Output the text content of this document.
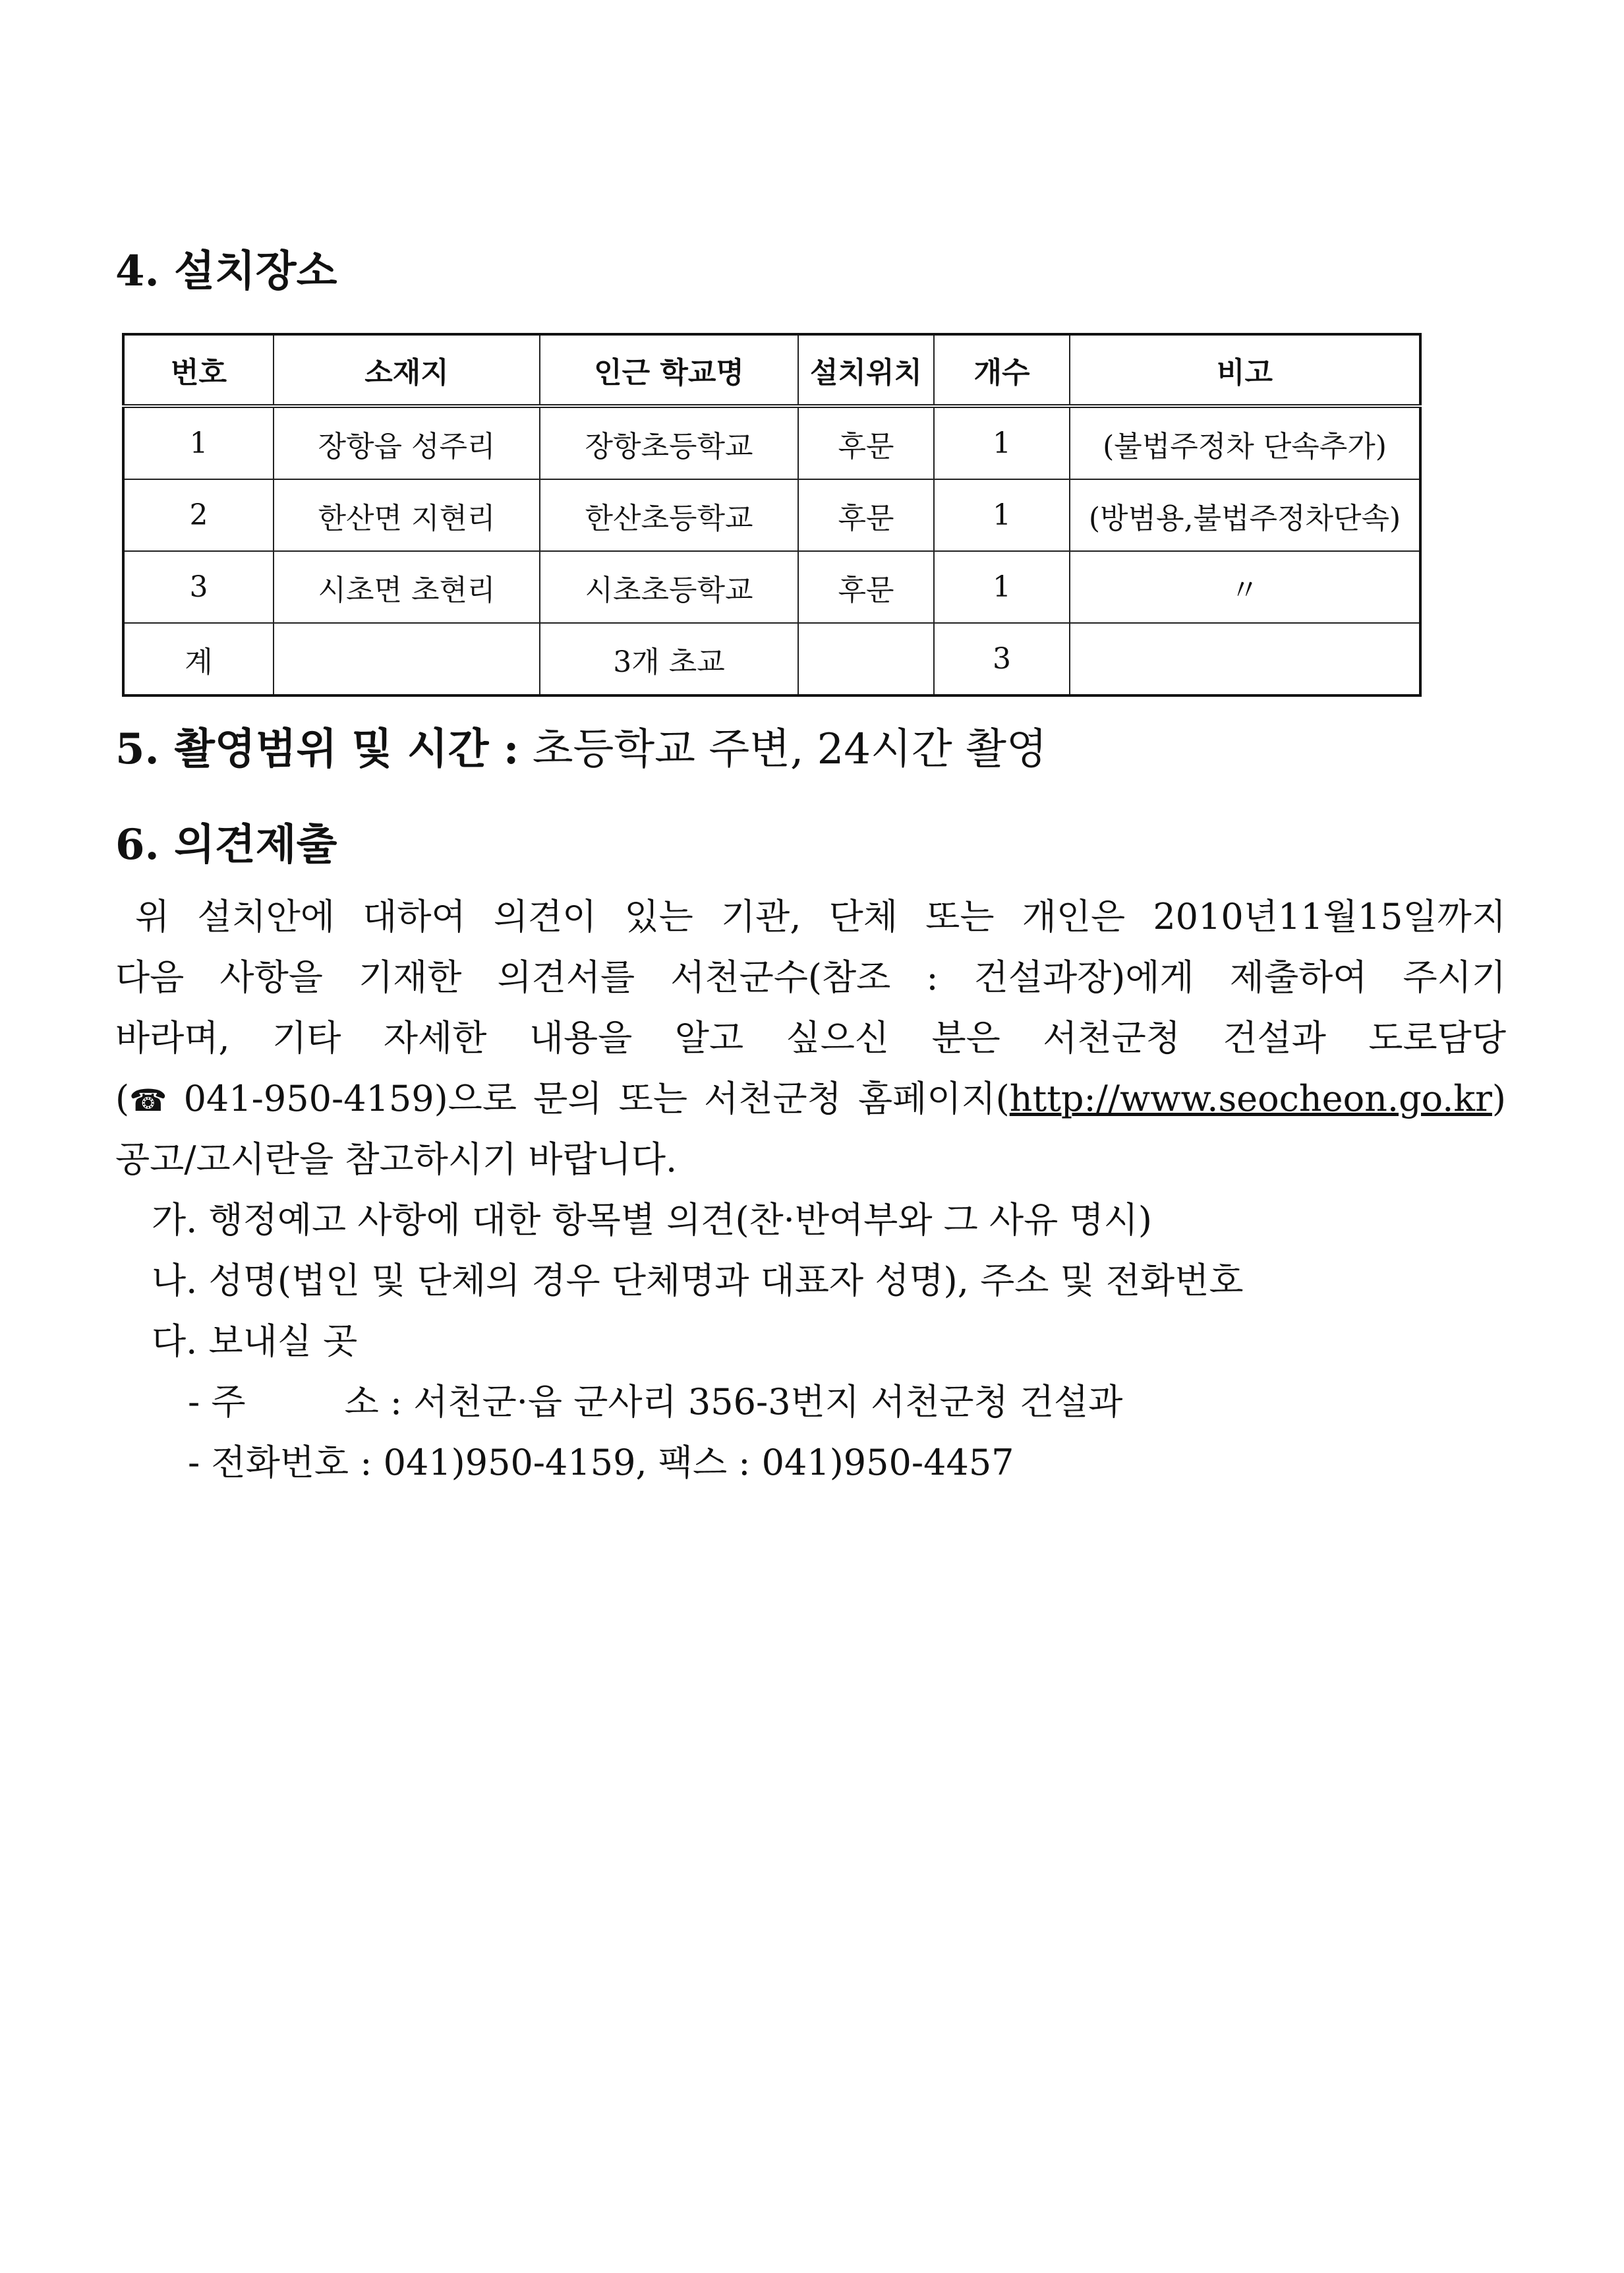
4. 설치장소
번호	소재지	인근 학교명	설치위치	개수	비고
1	장항읍 성주리	장항초등학교	후문	1	(불법주정차 단속추가)
2	한산면 지현리	한산초등학교	후문	1	(방범용,불법주정차단속)
3	시초면 초현리	시초초등학교	후문	1	〃
계		3개 초교		3	
5. 촬영범위 및 시간 : 초등학교 주변, 24시간 촬영
6. 의견제출
위 설치안에 대하여 의견이 있는 기관, 단체 또는 개인은 2010년11월15일까지
다음 사항을 기재한 의견서를 서천군수(참조 : 건설과장)에게 제출하여 주시기
바라며, 기타 자세한 내용을 알고 싶으신 분은 서천군청 건설과 도로담당
(☎ 041-950-4159)으로 문의 또는 서천군청 홈페이지(http://www.seocheon.go.kr)
공고/고시란을 참고하시기 바랍니다.
가. 행정예고 사항에 대한 항목별 의견(찬·반여부와 그 사유 명시)
나. 성명(법인 및 단체의 경우 단체명과 대표자 성명), 주소 및 전화번호
다. 보내실 곳
- 주	소 : 서천군·읍 군사리 356-3번지 서천군청 건설과
- 전화번호 : 041)950-4159, 팩스 : 041)950-4457
